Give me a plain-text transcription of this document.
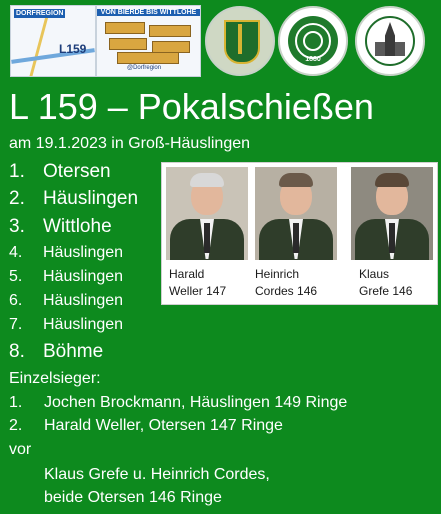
DORFREGION
L159
VON BIERDE BIS WITTLOHE
@Dorfregion
1880
L 159 – Pokalschießen
am 19.1.2023 in Groß-Häuslingen
1. Otersen
2. Häuslingen
3. Wittlohe
4. Häuslingen
5. Häuslingen
6. Häuslingen
7. Häuslingen
8. Böhme
Harald
Weller 147
Heinrich
Cordes 146
Klaus
Grefe 146
Einzelsieger:
1. Jochen Brockmann, Häuslingen 149 Ringe
2. Harald Weller, Otersen 147 Ringe
vor
Klaus Grefe u. Heinrich Cordes,
beide Otersen 146 Ringe
